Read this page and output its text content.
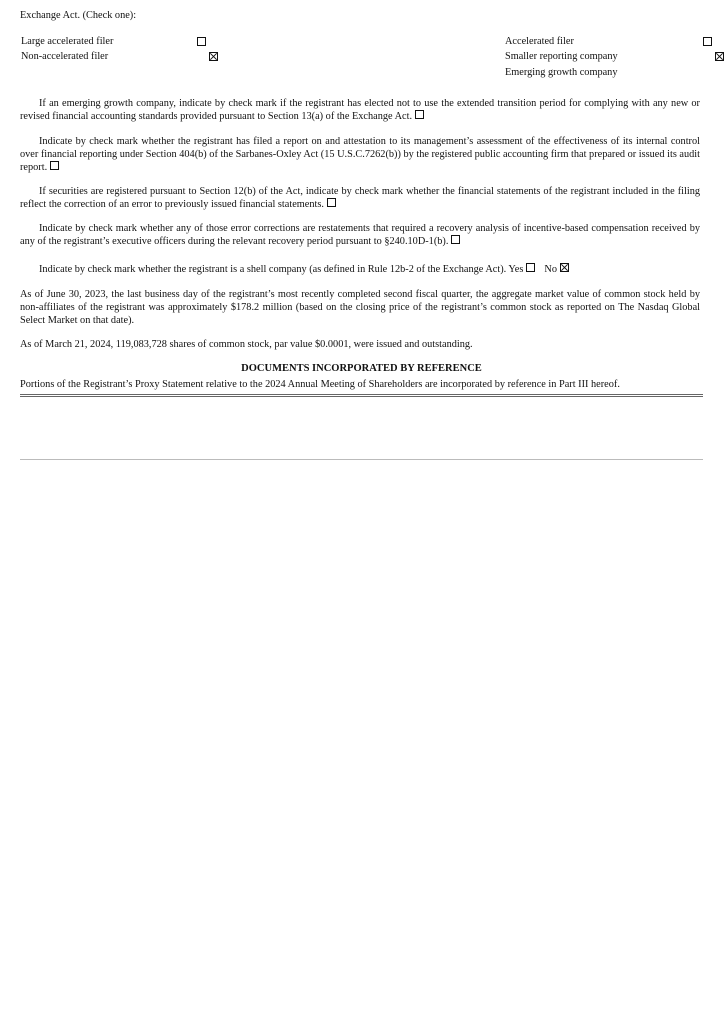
Exchange Act. (Check one):
Large accelerated filer

Non-accelerated filer

Accelerated filer

Smaller reporting company

Emerging growth company
If an emerging growth company, indicate by check mark if the registrant has elected not to use the extended transition period for complying with any new or revised financial accounting standards provided pursuant to Section 13(a) of the Exchange Act.
Indicate by check mark whether the registrant has filed a report on and attestation to its management’s assessment of the effectiveness of its internal control over financial reporting under Section 404(b) of the Sarbanes-Oxley Act (15 U.S.C.7262(b)) by the registered public accounting firm that prepared or issued its audit report.
If securities are registered pursuant to Section 12(b) of the Act, indicate by check mark whether the financial statements of the registrant included in the filing reflect the correction of an error to previously issued financial statements.
Indicate by check mark whether any of those error corrections are restatements that required a recovery analysis of incentive-based compensation received by any of the registrant’s executive officers during the relevant recovery period pursuant to §240.10D-1(b).
Indicate by check mark whether the registrant is a shell company (as defined in Rule 12b-2 of the Exchange Act). Yes No
As of June 30, 2023, the last business day of the registrant’s most recently completed second fiscal quarter, the aggregate market value of common stock held by non-affiliates of the registrant was approximately $178.2 million (based on the closing price of the registrant’s common stock as reported on The Nasdaq Global Select Market on that date).
As of March 21, 2024, 119,083,728 shares of common stock, par value $0.0001, were issued and outstanding.
DOCUMENTS INCORPORATED BY REFERENCE
Portions of the Registrant’s Proxy Statement relative to the 2024 Annual Meeting of Shareholders are incorporated by reference in Part III hereof.
